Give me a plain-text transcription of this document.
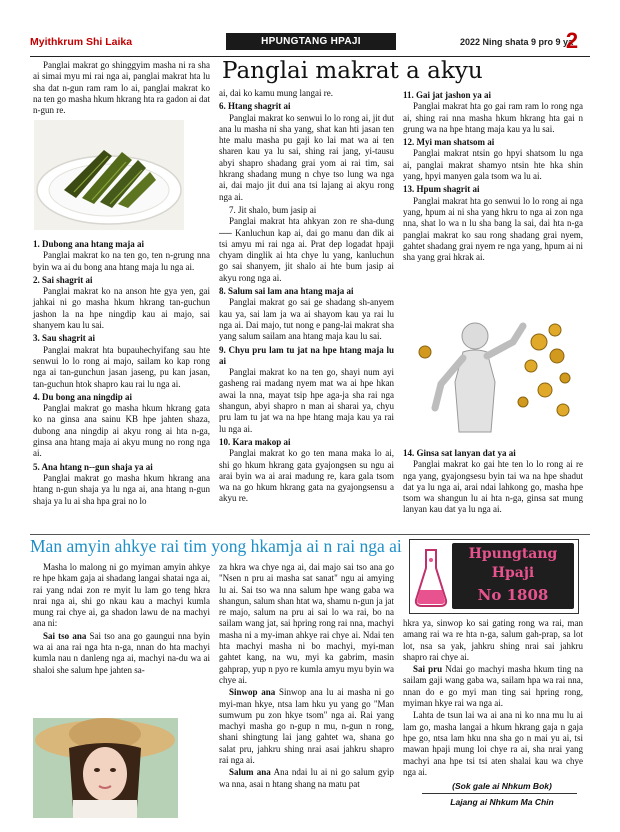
Myithkrum Shi Laika	HPUNGTANG HPAJI	2022 Ning shata 9 pro 9 ya
2
Panglai makrat a akyu

Panglai makrat go shinggyim masha ni ra sha ai simai myu mi rai nga ai, panglai makrat hta lu sha dat n-gun ram ram lo ai, panglai makrat ko na ten go masha hkum hkrang hta ra gadon ai dat n-gun re.

1. Dubong ana htang maja ai

Panglai makrat ko na ten go, ten n-grung nna byin wa ai du bong ana htang maja lu nga ai.

2. Sai shagrit ai

Panglai makrat ko na anson hte gya yen, gai jahkai ni go masha hkum hkrang tan-guchun jashon la na hpe ningdip kau ai majo, sai shanyem kau lu sai.

3. Sau shagrit ai

Panglai makrat hta bupauhechyifang sau hte senwui lo lo rong ai majo, sailam ko kap rong nga ai tan-gunchun jasan jaseng, pu kan jasan, tan-guchun htok shapro kau rai lu nga ai.

4. Du bong ana ningdip ai

Panglai makrat go masha hkum hkrang gata ko na ginsa ana sainu KB hpe jahten shaza, dubong ana ningdip ai akyu rong ai hta n-ga, ginsa ana htang maja ai akyu mung no rong nga ai.

5. Ana htang n--gun shaja ya ai

Panglai makrat go masha hkum hkrang ana htang n-gun shaja ya lu nga ai, ana htang n-gun shaja ya lu ai sha hpa grai no lo

ai, dai ko kamu mung langai re.

6. Htang shagrit ai

Panglai makrat ko senwui lo lo rong ai, jit dut ana lu masha ni sha yang, shat kan hti jasan ten hte malu masha pu gaji ko lai mat wa ai ten sharen kau ya lu sai, shing rai jang, yi-tausu abyi shapro shadang grai yom ai rai tim, sai hkrang shadang mung n chye tso lung wa nga ai, dai majo jit dui ana tsi lajang ai akyu rong nga ai.

7. Jit shalo, bum jasip ai

Panglai makrat hta ahkyan zon re sha-dung ── Kanluchun kap ai, dai go manu dan dik ai tsi amyu mi rai nga ai. Prat dep logadat hpaji chyam dinglik ai hta chye lu yang, kanluchun go sai shanyem, jit shalo ai hte bum jasip ai akyu rong nga ai.

8. Salum sai lam ana htang maja ai

Panglai makrat go sai ge shadang sh-anyem kau ya, sai lam ja wa ai shayom kau ya rai lu nga ai. Dai majo, tut nong e pang-lai makrat sha yang salum sailam ana htang maja kau lu sai.

9. Chyu pru lam tu jat na hpe htang maja lu ai

Panglai makrat ko na ten go, shayi num ayi gasheng rai madang nyem mat wa ai hpe hkan awai la nna, mayat tsip hpe aga-ja sha rai nga shangun, abyi shapro n man ai sharai ya, chyu pru lam tu jat wa na hpe htang maja kau ya rai lu nga ai.

10. Kara makop ai

Panglai makrat ko go ten mana maka lo ai, shi go hkum hkrang gata gyajongsen su ngu ai arai byin wa ai arai madung re, kara gala tsom wa na go hkum hkrang gata na gyajongsensu a akyu re.

11. Gai jat jashon ya ai

Panglai makrat hta go gai ram ram lo rong nga ai, shing rai nna masha hkum hkrang hta gai n grung wa na hpe htang maja kau ya lu sai.

12. Myi man shatsom ai

Panglai makrat ntsin go hpyi shatsom lu nga ai, panglai makrat shamyo ntsin hte hka shin yang, hpyi manyen gala tsom wa lu ai.

13. Hpum shagrit ai

Panglai makrat hta go senwui lo lo rong ai nga yang, hpum ai ni sha yang hkru to nga ai zon nga nna, shat lo wa n lu sha bang la sai, dai hta n-ga panglai makrat ko sau rong shadang grai nyem, gahtet shadang grai nyem re nga yang, hpum ai ni sha yang grai hkrak ai.

14. Ginsa sat lanyan dat ya ai

Panglai makrat ko gai hte ten lo lo rong ai re nga yang, gyajongsesu byin tai wa na hpe shadut dat ya lu nga ai, arai ndai lahkong go, masha hpe tsom wa shangun lu ai hta n-ga, ginsa sat mung lanyan kau dat ya lu nga ai.

Man amyin ahkye rai tim yong hkamja ai n rai nga ai	Hpungtang
Hpaji
No 1808

Masha lo malong ni go myiman amyin ahkye re hpe hkam gaja ai shadang langai shatai nga ai, rai yang ndai zon re myit lu lam go teng hkra nrai nga ai, shi go nkau kau a machyi kumla mung rai chye ai, ga shadon lawu de na machyi ana ni:

Sai tso ana Sai tso ana go gaungui nna byin wa ai ana rai nga hta n-ga, nnan do hta machyi kumla nau n danleng nga ai, machyi na-du wa ai shaloi she salum hpe jahten sa-

za hkra wa chye nga ai, dai majo sai tso ana go "Nsen n pru ai masha sat sanat" ngu ai amying lu ai. Sai tso wa nna salum hpe wang gaba wa shangun, salum shan htat wa, shamu n-gun ja jat re majo, salum na pru ai sai lo wa rai, bo na sailam wang jat, sai hpring rong rai nna, machyi masha ni a my-iman ahkye rai chye ai. Ndai ten hta machyi masha ni bo machyi, myi-man gahtet kang, na wu, myi ka gabrim, masin gahprap, yup n pyo re kumla amyu myu byin wa chye ai.

Sinwop ana Sinwop ana lu ai masha ni go myi-man hkye, ntsa lam hku yu yang go "Man sumwum pu zon hkye tsom" nga ai. Rai yang machyi masha go n-gup n mu, n-gun n rong, shani shingtung lai jang gahtet wa, shana go salat pru, jahkru shing nrai asai jahkru shapro rai nga ai.

Salum ana Ana ndai lu ai ni go salum gyip wa nna, asai n htang shang na matu pat

hkra ya, sinwop ko sai gating rong wa rai, man amang rai wa re hta n-ga, salum gah-prap, sa lot lot, nsa sa yak, jahkru shing nrai sai jahkru shapro rai chye ai.

Sai pru Ndai go machyi masha hkum ting na sailam gaji wang gaba wa, sailam hpa wa rai nna, nnan do e go myi man ting sai hpring rong, myiman hkye rai wa nga ai.

Lahta de tsun lai wa ai ana ni ko nna mu lu ai lam go, masha langai a hkum hkrang gaja n gaja hpe go, ntsa lam hku nna sha go n mai yu ai, tsi mawan hpaji mung loi chye ra ai, sha nrai yang machyi ana hpe tsi tsi aten shalai kau wa chye nga ai.

(Sok gale ai Nhkum Bok)
Lajang ai Nhkum Ma Chin
